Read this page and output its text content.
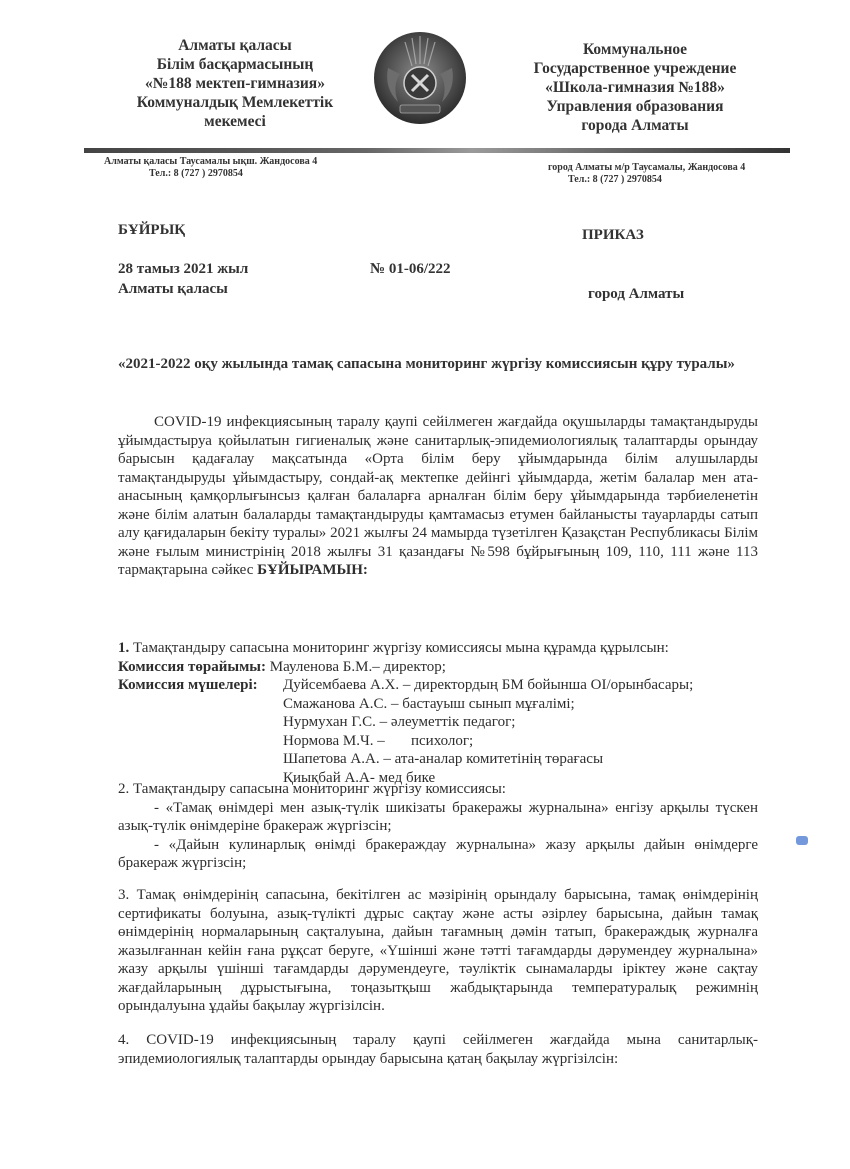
Алматы қаласы
Білім басқармасының
«№188 мектеп-гимназия»
Коммуналдық Мемлекеттік
мекемесі
Коммунальное
Государственное учреждение
«Школа-гимназия №188»
Управления образования
города Алматы
Алматы қаласы Таусамалы ықш. Жандосова 4
Тел.: 8 (727 ) 2970854
город Алматы м/р Таусамалы, Жандосова 4
Тел.: 8 (727 ) 2970854
БҰЙРЫҚ	ПРИКАЗ
28 тамыз 2021 жыл
Алматы қаласы
№ 01-06/222
город Алматы
«2021-2022 оқу жылында тамақ сапасына мониторинг жүргізу комиссиясын құру туралы»
COVID-19 инфекциясының таралу қаупі сейілмеген жағдайда оқушыларды тамақтандыруды ұйымдастыруа қойылатын гигиеналық және санитарлық-эпидемиологиялық талаптарды орындау барысын қадағалау мақсатында «Орта білім беру ұйымдарында білім алушыларды тамақтандыруды ұйымдастыру, сондай-ақ мектепке дейінгі ұйымдарда, жетім балалар мен ата-анасының қамқорлығынсыз қалған балаларға арналған білім беру ұйымдарында тәрбиеленетін және білім алатын балаларды тамақтандыруды қамтамасыз етумен байланысты тауарларды сатып алу қағидаларын бекіту туралы» 2021 жылғы 24 мамырда түзетілген Қазақстан Республикасы Білім және ғылым министрінің 2018 жылғы 31 қазандағы №598 бұйрығының 109, 110, 111 және 113 тармақтарына сәйкес БҰЙЫРАМЫН:
1. Тамақтандыру сапасына мониторинг жүргізу комиссиясы мына құрамда құрылсын:
Комиссия төрайымы: Мауленова Б.М.– директор;
Комиссия мүшелері:	Дуйсембаева А.Х. – директордың БМ бойынша ОІ/орынбасары;
Смажанова А.С. – бастауыш сынып мұғалімі;
Нурмухан Г.С. – әлеуметтік педагог;
Нормова М.Ч. –       психолог;
Шапетова А.А. – ата-аналар комитетінің төрағасы
Қиықбай А.А- мед бике
2. Тамақтандыру сапасына мониторинг жүргізу комиссиясы:
- «Тамақ өнімдері мен азық-түлік шикізаты бракеражы журналына» енгізу арқылы түскен азық-түлік өнімдеріне бракераж жүргізсін;
- «Дайын кулинарлық өнімді бракераждау журналына» жазу арқылы дайын өнімдерге бракераж жүргізсін;
3. Тамақ өнімдерінің сапасына, бекітілген ас мәзірінің орындалу барысына, тамақ өнімдерінің сертификаты болуына, азық-түлікті дұрыс сақтау және асты әзірлеу барысына, дайын тамақ өнімдерінің нормаларының сақталуына, дайын тағамның дәмін татып, бракераждық журналға жазылғаннан кейін ғана рұқсат беруге, «Үшінші және тәтті тағамдарды дәрумендеу журналына» жазу арқылы үшінші тағамдарды дәрумендеуге, тәуліктік сынамаларды іріктеу және сақтау жағдайларының дұрыстығына, тоңазытқыш жабдықтарында температуралық режимнің орындалуына ұдайы бақылау жүргізілсін.
4. COVID-19 инфекциясының таралу қаупі сейілмеген жағдайда мына санитарлық-эпидемиологиялық талаптарды орындау барысына қатаң бақылау жүргізілсін:
